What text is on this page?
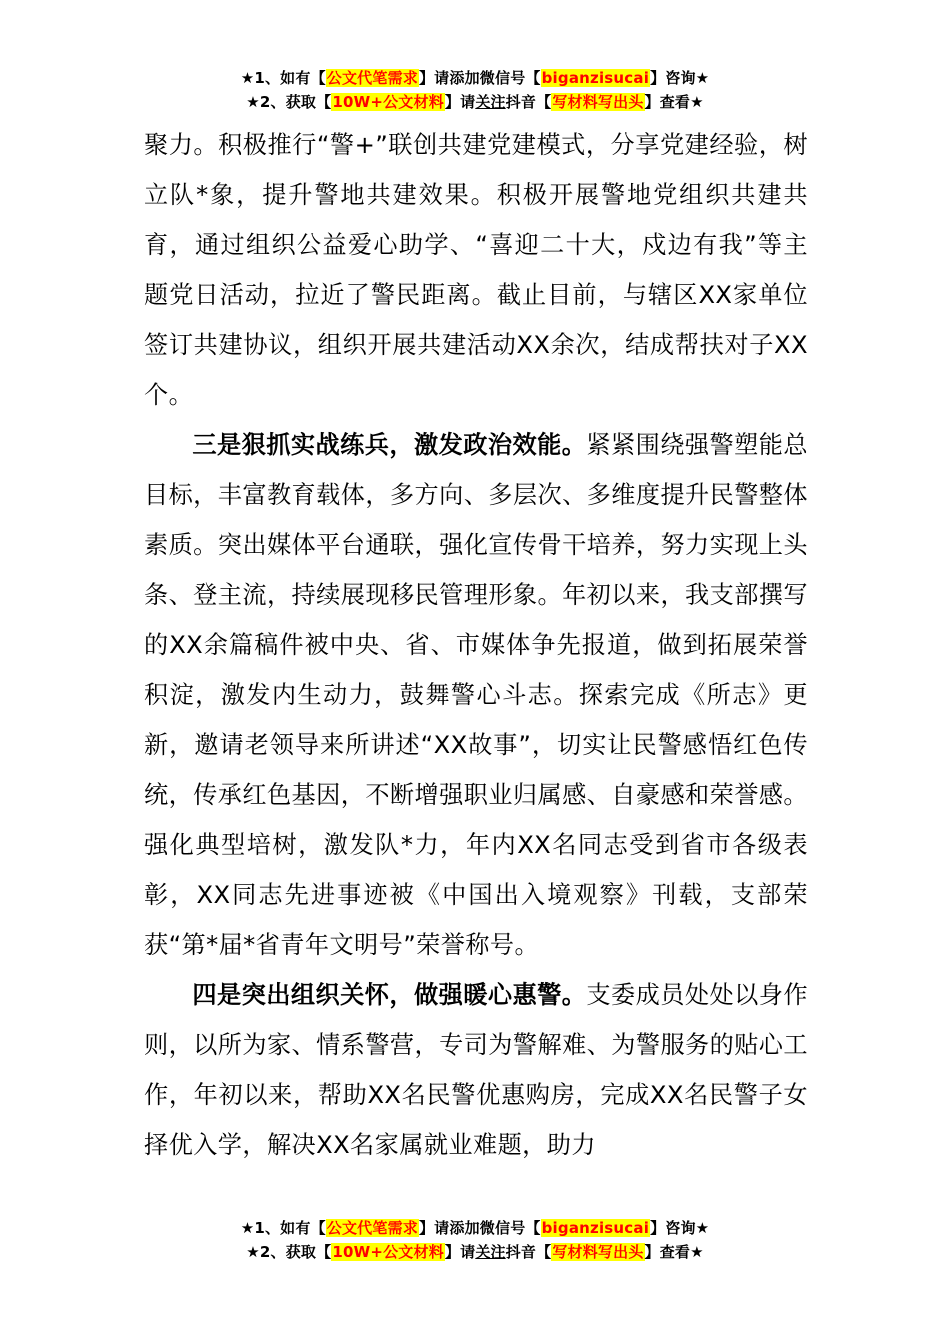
★1、如有【公文代笔需求】请添加微信号【biganzisucai】咨询★
★2、获取【10W+公文材料】请关注抖音【写材料写出头】查看★

聚力。积极推行“警+”联创共建党建模式，分享党建经验，树立队*象，提升警地共建效果。积极开展警地党组织共建共育，通过组织公益爱心助学、“喜迎二十大，戍边有我”等主题党日活动，拉近了警民距离。截止目前，与辖区XX家单位签订共建协议，组织开展共建活动XX余次，结成帮扶对子XX个。

三是狠抓实战练兵，激发政治效能。紧紧围绕强警塑能总目标，丰富教育载体，多方向、多层次、多维度提升民警整体素质。突出媒体平台通联，强化宣传骨干培养，努力实现上头条、登主流，持续展现移民管理形象。年初以来，我支部撰写的XX余篇稿件被中央、省、市媒体争先报道，做到拓展荣誉积淀，激发内生动力，鼓舞警心斗志。探索完成《所志》更新，邀请老领导来所讲述“XX故事”，切实让民警感悟红色传统，传承红色基因，不断增强职业归属感、自豪感和荣誉感。强化典型培树，激发队*力，年内XX名同志受到省市各级表彰，XX同志先进事迹被《中国出入境观察》刊载，支部荣获“第*届*省青年文明号”荣誉称号。

四是突出组织关怀，做强暖心惠警。支委成员处处以身作则，以所为家、情系警营，专司为警解难、为警服务的贴心工作，年初以来，帮助XX名民警优惠购房，完成XX名民警子女择优入学，解决XX名家属就业难题，助力

★1、如有【公文代笔需求】请添加微信号【biganzisucai】咨询★
★2、获取【10W+公文材料】请关注抖音【写材料写出头】查看★
